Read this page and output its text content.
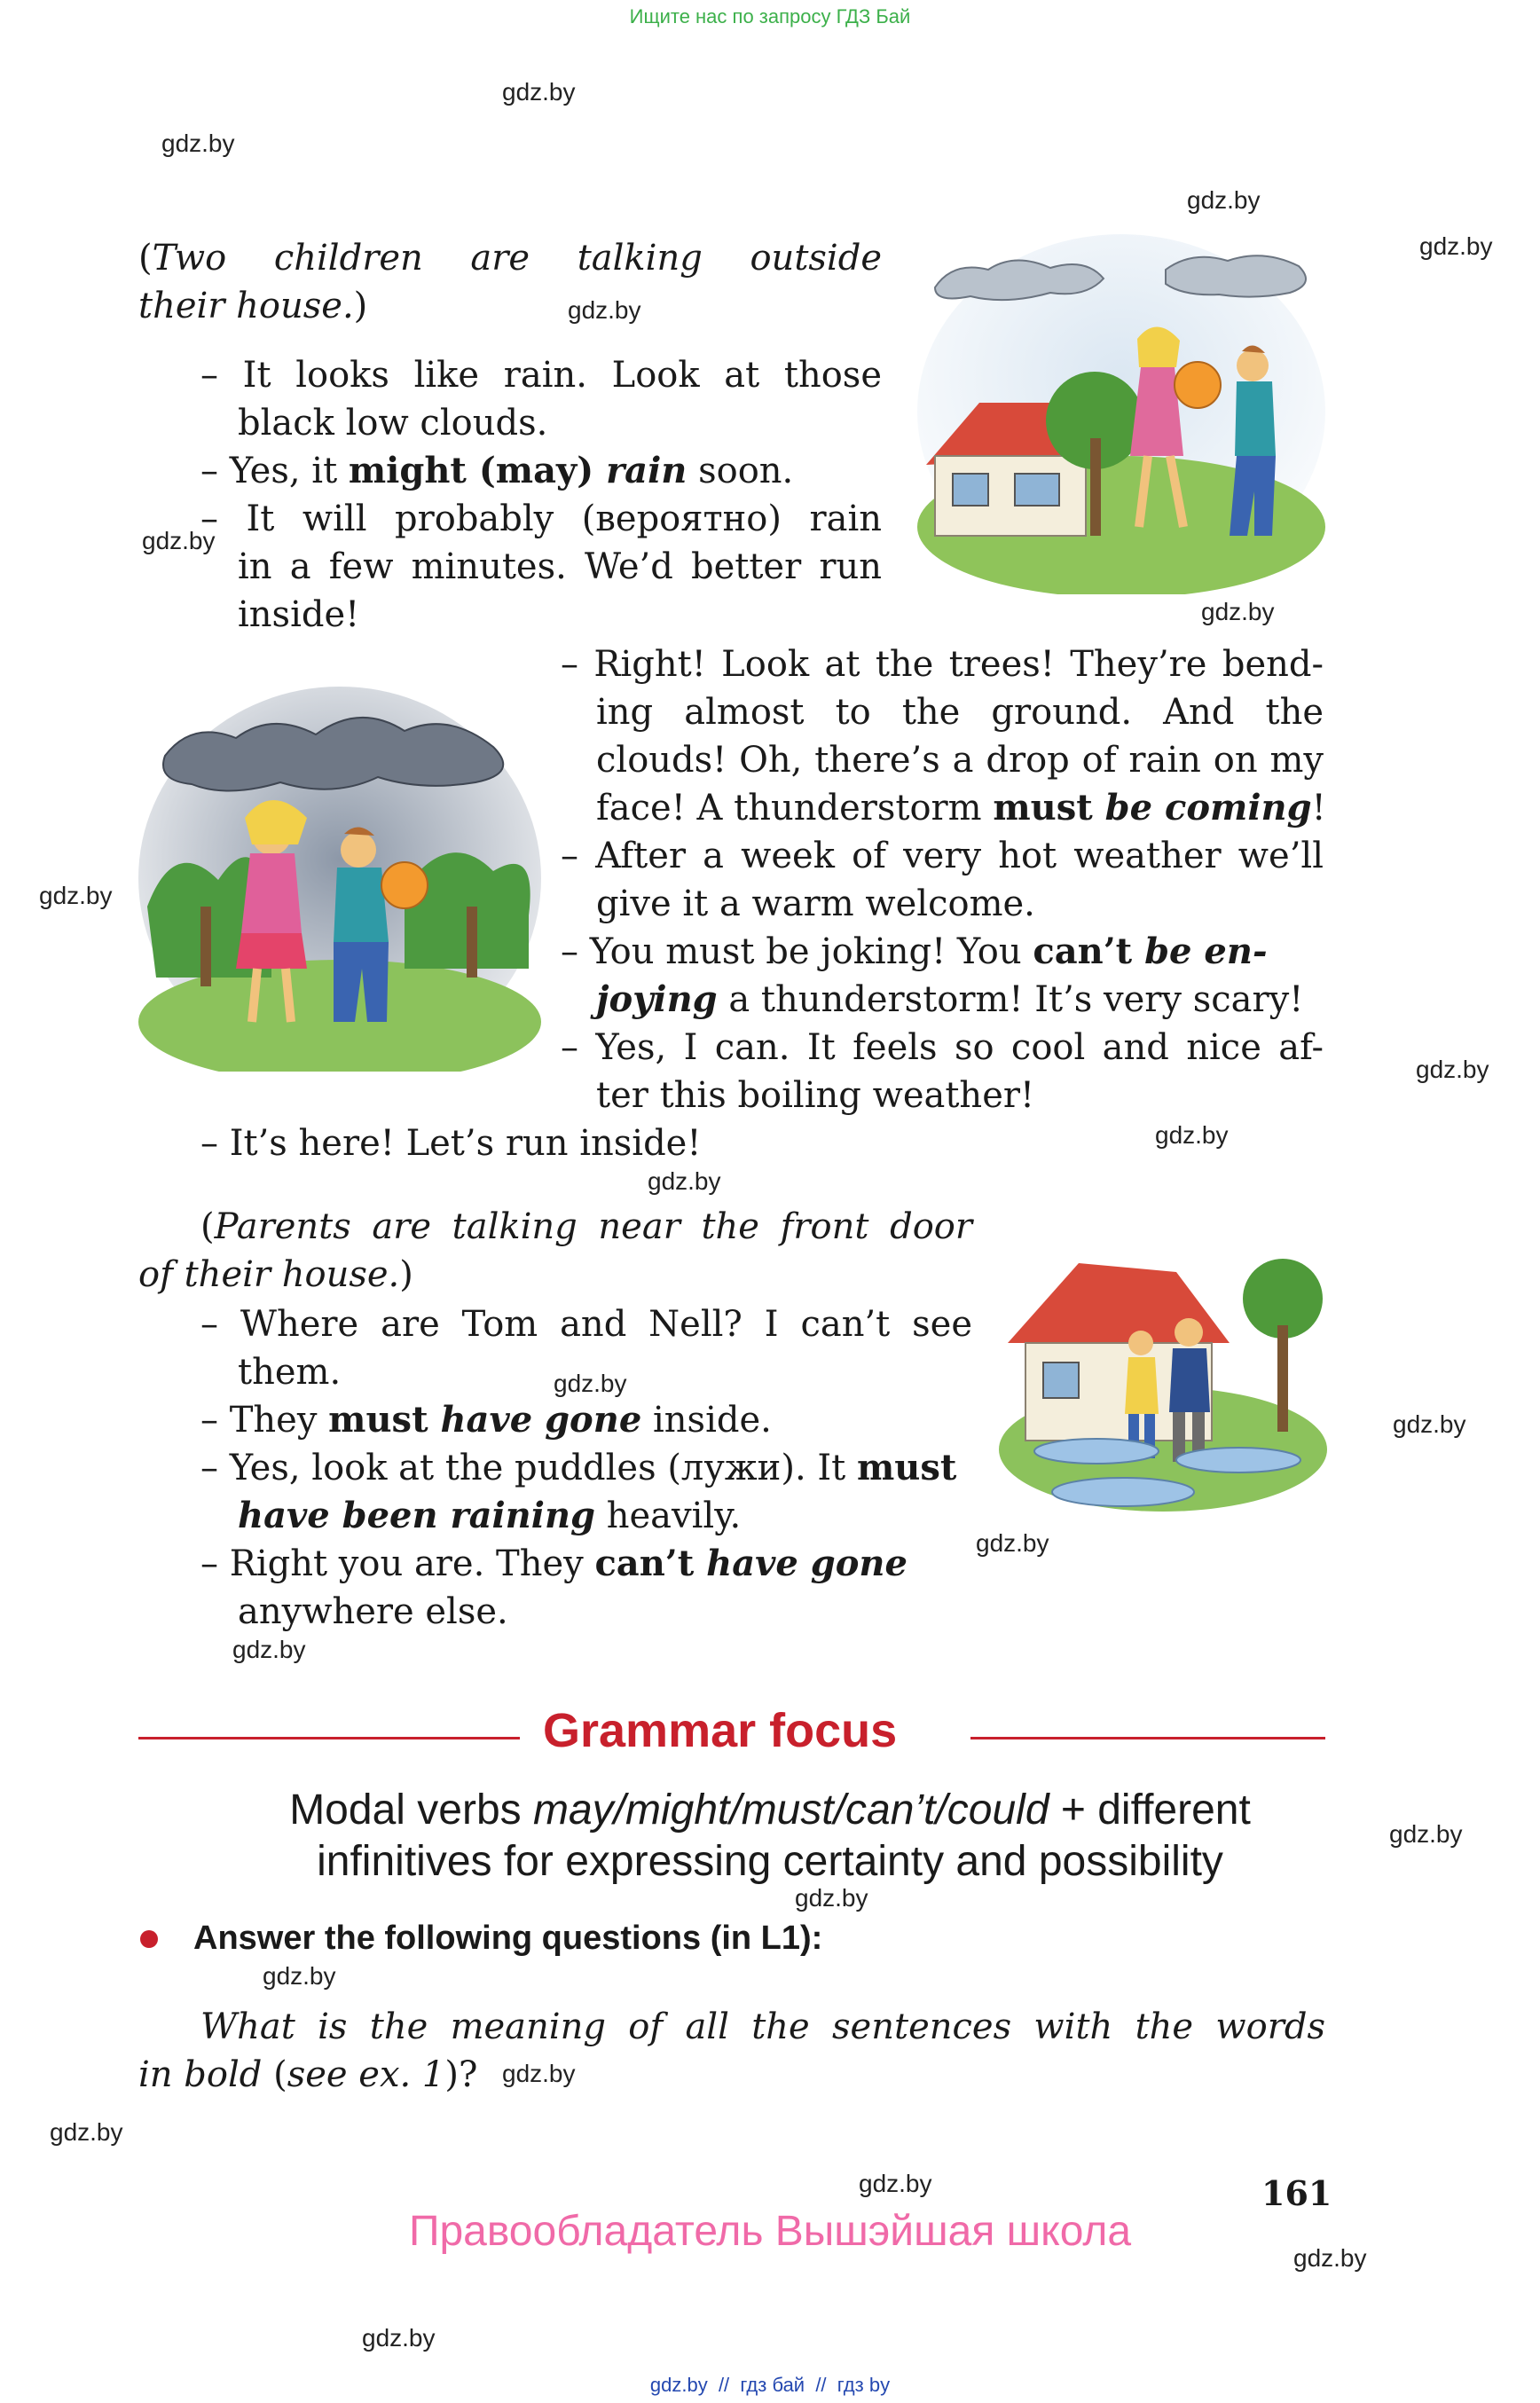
Ищите нас по запросу ГДЗ Бай
gdz.by
gdz.by
gdz.by
gdz.by
gdz.by
gdz.by
gdz.by
gdz.by
gdz.by
gdz.by
gdz.by
gdz.by
gdz.by
gdz.by
gdz.by
gdz.by
gdz.by
gdz.by
gdz.by
gdz.by
gdz.by
gdz.by
gdz.by
(Two children are talking outside
their house.)
– It looks like rain. Look at those
black low clouds.
– Yes, it might (may) rain soon.
– It will probably (вероятно) rain
in a few minutes. We’d better run
inside!
– Right! Look at the trees! They’re bend-
ing almost to the ground. And the
clouds! Oh, there’s a drop of rain on my
face! A thunderstorm must be coming!
– After a week of very hot weather we’ll
give it a warm welcome.
– You must be joking! You can’t be en-
joying a thunderstorm! It’s very scary!
– Yes, I can. It feels so cool and nice af-
ter this boiling weather!
– It’s here! Let’s run inside!
(Parents are talking near the front door
of their house.)
– Where are Tom and Nell? I can’t see
them.
– They must have gone inside.
– Yes, look at the puddles (лужи). It must
have been raining heavily.
– Right you are. They can’t have gone
anywhere else.
Grammar focus
Modal verbs may/might/must/can’t/could + different
infinitives for expressing certainty and possibility
Answer the following questions (in L1):
What is the meaning of all the sentences with the words
in bold (see ex. 1)?
161
Правообладатель Вышэйшая школа
gdz.by  //  гдз бай  //  гдз by
